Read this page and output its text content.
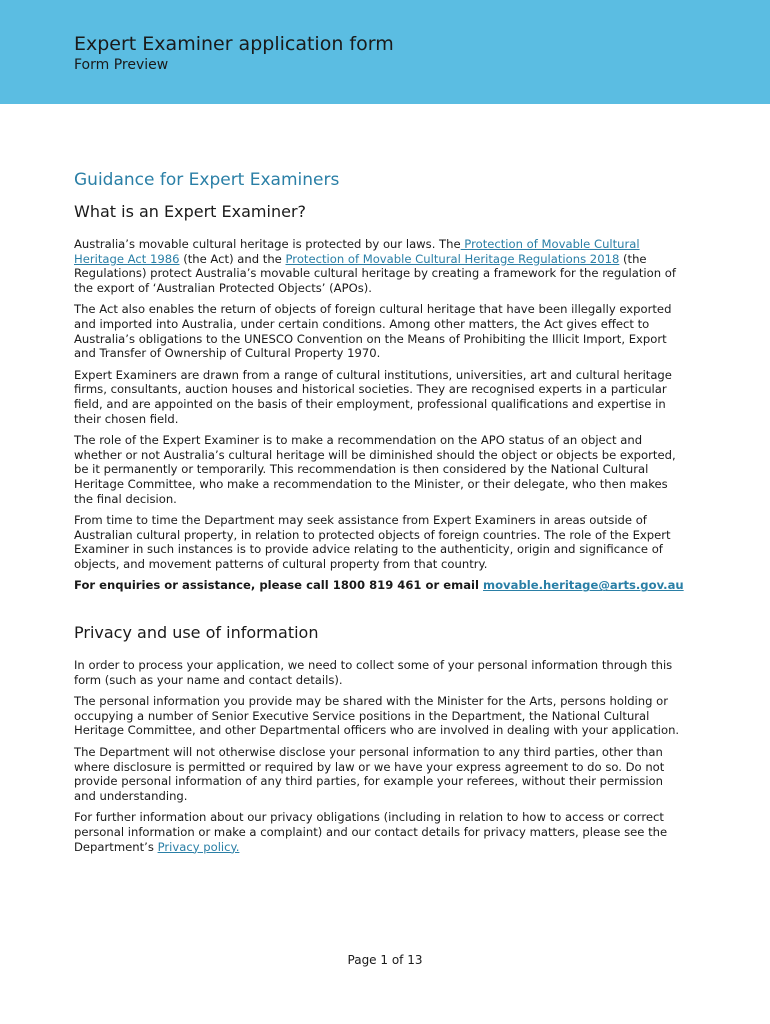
Expert Examiner application form
Form Preview
Guidance for Expert Examiners
What is an Expert Examiner?

Australia’s movable cultural heritage is protected by our laws. The Protection of Movable Cultural Heritage Act 1986 (the Act) and the Protection of Movable Cultural Heritage Regulations 2018 (the Regulations) protect Australia’s movable cultural heritage by creating a framework for the regulation of the export of ‘Australian Protected Objects’ (APOs).

The Act also enables the return of objects of foreign cultural heritage that have been illegally exported and imported into Australia, under certain conditions. Among other matters, the Act gives effect to Australia’s obligations to the UNESCO Convention on the Means of Prohibiting the Illicit Import, Export and Transfer of Ownership of Cultural Property 1970.

Expert Examiners are drawn from a range of cultural institutions, universities, art and cultural heritage firms, consultants, auction houses and historical societies. They are recognised experts in a particular field, and are appointed on the basis of their employment, professional qualifications and expertise in their chosen field.

The role of the Expert Examiner is to make a recommendation on the APO status of an object and whether or not Australia’s cultural heritage will be diminished should the object or objects be exported, be it permanently or temporarily. This recommendation is then considered by the National Cultural Heritage Committee, who make a recommendation to the Minister, or their delegate, who then makes the final decision.

From time to time the Department may seek assistance from Expert Examiners in areas outside of Australian cultural property, in relation to protected objects of foreign countries. The role of the Expert Examiner in such instances is to provide advice relating to the authenticity, origin and significance of objects, and movement patterns of cultural property from that country.

For enquiries or assistance, please call 1800 819 461 or email movable.heritage@arts.gov.au

Privacy and use of information

In order to process your application, we need to collect some of your personal information through this form (such as your name and contact details).

The personal information you provide may be shared with the Minister for the Arts, persons holding or occupying a number of Senior Executive Service positions in the Department, the National Cultural Heritage Committee, and other Departmental officers who are involved in dealing with your application.

The Department will not otherwise disclose your personal information to any third parties, other than where disclosure is permitted or required by law or we have your express agreement to do so. Do not provide personal information of any third parties, for example your referees, without their permission and understanding.

For further information about our privacy obligations (including in relation to how to access or correct personal information or make a complaint) and our contact details for privacy matters, please see the Department’s Privacy policy.

Page 1 of 13
